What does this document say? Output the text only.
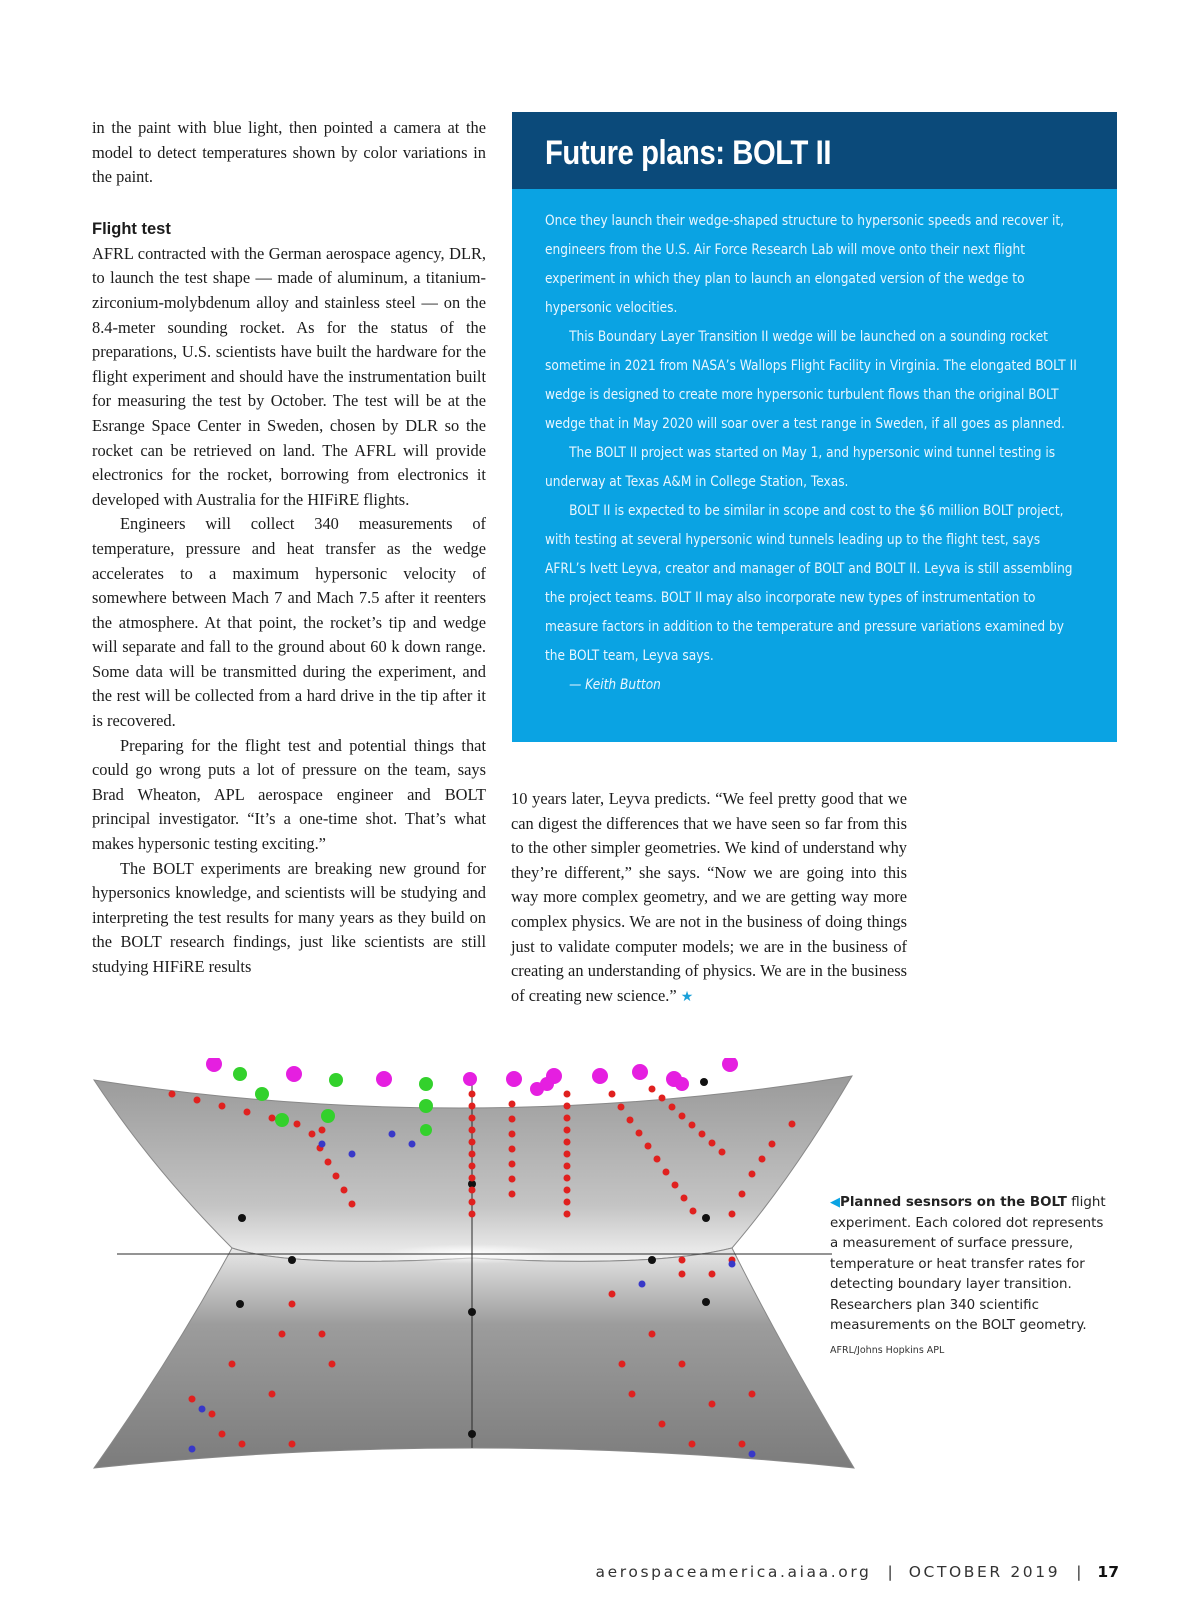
in the paint with blue light, then pointed a camera at the model to detect temperatures shown by color variations in the paint.

Flight test

AFRL contracted with the German aerospace agency, DLR, to launch the test shape — made of aluminum, a titanium-zirconium-molybdenum alloy and stainless steel — on the 8.4-meter sounding rocket. As for the status of the preparations, U.S. scientists have built the hardware for the flight experiment and should have the instrumentation built for measuring the test by October. The test will be at the Esrange Space Center in Sweden, chosen by DLR so the rocket can be retrieved on land. The AFRL will provide electronics for the rocket, borrowing from electronics it developed with Australia for the HIFiRE flights.

Engineers will collect 340 measurements of temperature, pressure and heat transfer as the wedge accelerates to a maximum hypersonic velocity of somewhere between Mach 7 and Mach 7.5 after it reenters the atmosphere. At that point, the rocket’s tip and wedge will separate and fall to the ground about 60 k down range. Some data will be transmitted during the experiment, and the rest will be collected from a hard drive in the tip after it is recovered.

Preparing for the flight test and potential things that could go wrong puts a lot of pressure on the team, says Brad Wheaton, APL aerospace engineer and BOLT principal investigator. “It’s a one-time shot. That’s what makes hypersonic testing exciting.”

The BOLT experiments are breaking new ground for hypersonics knowledge, and scientists will be studying and interpreting the test results for many years as they build on the BOLT research findings, just like scientists are still studying HIFiRE results

Future plans: BOLT II

Once they launch their wedge-shaped structure to hypersonic speeds and recover it, engineers from the U.S. Air Force Research Lab will move onto their next flight experiment in which they plan to launch an elongated version of the wedge to hypersonic velocities.

This Boundary Layer Transition II wedge will be launched on a sounding rocket sometime in 2021 from NASA’s Wallops Flight Facility in Virginia. The elongated BOLT II wedge is designed to create more hypersonic turbulent flows than the original BOLT wedge that in May 2020 will soar over a test range in Sweden, if all goes as planned.

The BOLT II project was started on May 1, and hypersonic wind tunnel testing is underway at Texas A&M in College Station, Texas.

BOLT II is expected to be similar in scope and cost to the $6 million BOLT project, with testing at several hypersonic wind tunnels leading up to the flight test, says AFRL’s Ivett Leyva, creator and manager of BOLT and BOLT II. Leyva is still assembling the project teams. BOLT II may also incorporate new types of instrumentation to measure factors in addition to the temperature and pressure variations examined by the BOLT team, Leyva says.

— Keith Button

10 years later, Leyva predicts. “We feel pretty good that we can digest the differences that we have seen so far from this to the other simpler geometries. We kind of understand why they’re different,” she says. “Now we are going into this way more complex geometry, and we are getting way more complex physics. We are not in the business of doing things just to validate computer models; we are in the business of creating an understanding of physics. We are in the business of creating new science.” ★

◀Planned sesnsors on the BOLT flight experiment. Each colored dot represents a measurement of surface pressure, temperature or heat transfer rates for detecting boundary layer transition. Researchers plan 340 scientific measurements on the BOLT geometry.
AFRL/Johns Hopkins APL
aerospaceamerica.aiaa.org | OCTOBER 2019 | 17
